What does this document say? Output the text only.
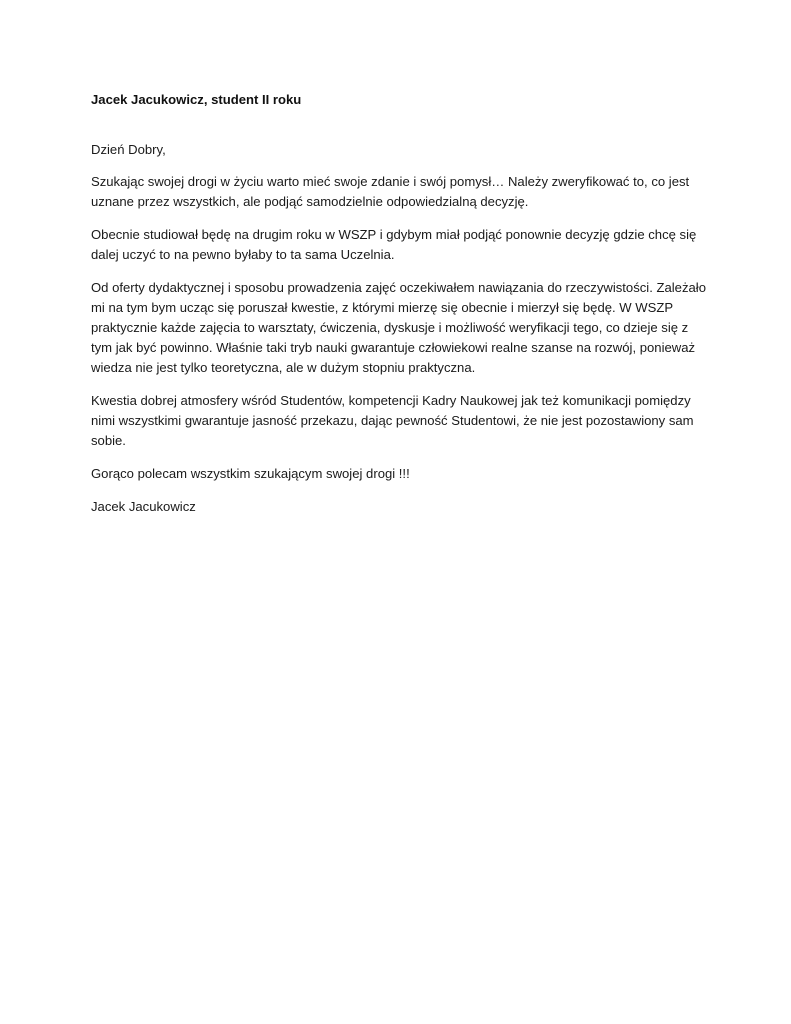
Jacek Jacukowicz, student II roku

Dzień Dobry,

Szukając swojej drogi w życiu warto mieć swoje zdanie i swój pomysł… Należy zweryfikować to, co jest uznane przez wszystkich, ale podjąć samodzielnie odpowiedzialną decyzję.

Obecnie studiował będę na drugim roku w WSZP i gdybym miał podjąć ponownie decyzję gdzie chcę się dalej uczyć to na pewno byłaby to ta sama Uczelnia.

Od oferty dydaktycznej i sposobu prowadzenia zajęć oczekiwałem nawiązania do rzeczywistości. Zależało mi na tym bym ucząc się poruszał kwestie, z którymi mierzę się obecnie i mierzył się będę. W WSZP praktycznie każde zajęcia to warsztaty, ćwiczenia, dyskusje i możliwość weryfikacji tego, co dzieje się z tym jak być powinno. Właśnie taki tryb nauki gwarantuje człowiekowi realne szanse na rozwój, ponieważ wiedza nie jest tylko teoretyczna, ale w dużym stopniu praktyczna.

Kwestia dobrej atmosfery wśród Studentów, kompetencji Kadry Naukowej jak też komunikacji pomiędzy nimi wszystkimi gwarantuje jasność przekazu, dając pewność Studentowi, że nie jest pozostawiony sam sobie.

Gorąco polecam wszystkim szukającym swojej drogi !!!

Jacek Jacukowicz
